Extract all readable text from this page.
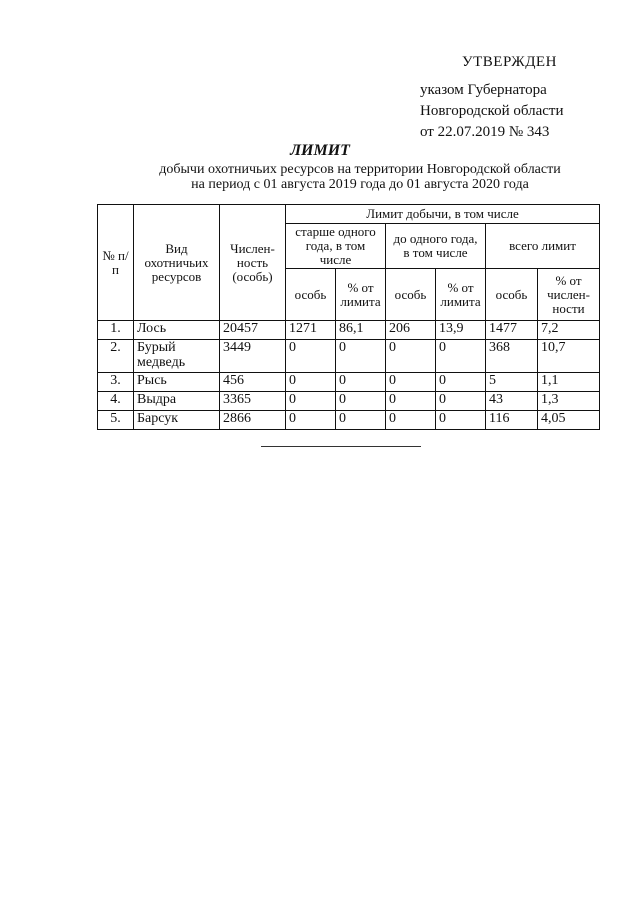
УТВЕРЖДЕН
указом Губернатора
Новгородской области
от 22.07.2019 № 343
ЛИМИТ
добычи охотничьих ресурсов на территории Новгородской области
на период с 01 августа 2019 года до 01 августа 2020 года
№ п/п	Вид охотничьих ресурсов	Числен-ность (особь)	Лимит добычи, в том числе					
			старше одного года, в том числе		до одного года, в том числе		всего лимит	
			особь	% от лимита	особь	% от лимита	особь	% от числен-ности
1.	Лось	20457	1271	86,1	206	13,9	1477	7,2
2.	Бурый медведь	3449	0	0	0	0	368	10,7
3.	Рысь	456	0	0	0	0	5	1,1
4.	Выдра	3365	0	0	0	0	43	1,3
5.	Барсук	2866	0	0	0	0	116	4,05
